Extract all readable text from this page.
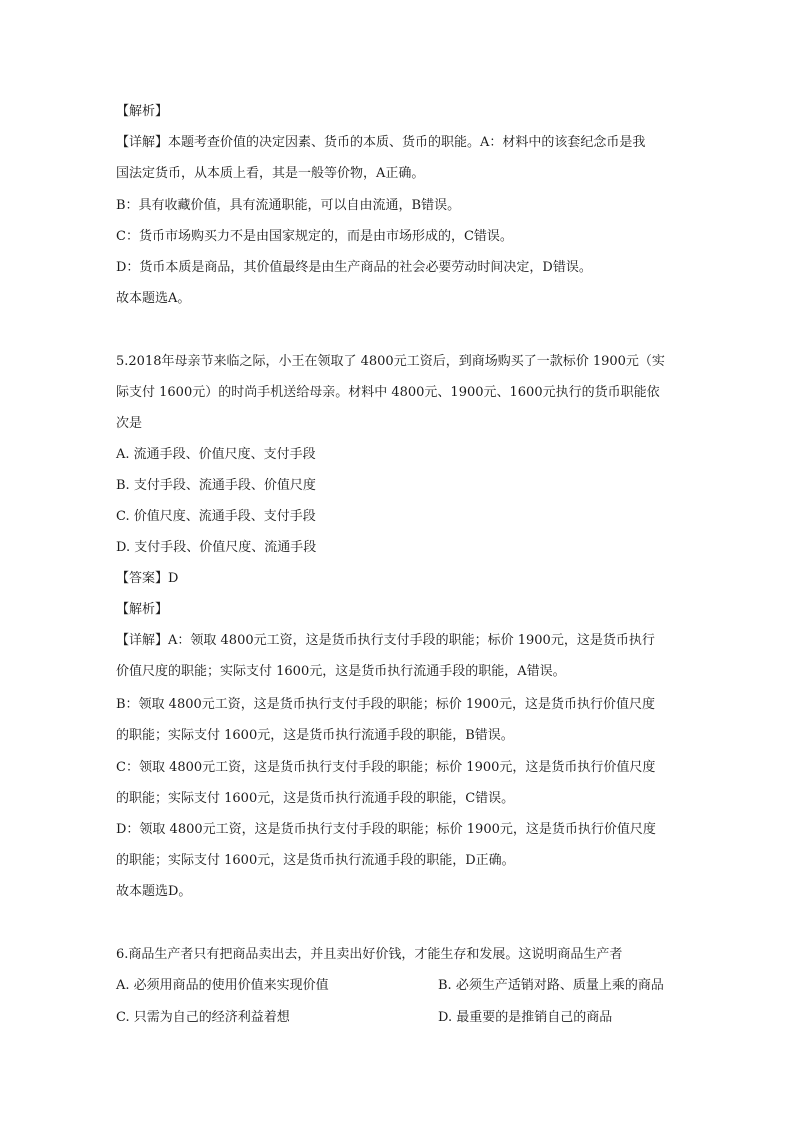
【解析】
【详解】本题考查价值的决定因素、货币的本质、货币的职能。A：材料中的该套纪念币是我
国法定货币，从本质上看，其是一般等价物，A正确。
B：具有收藏价值，具有流通职能，可以自由流通，B错误。
C：货币市场购买力不是由国家规定的，而是由市场形成的，C错误。
D：货币本质是商品，其价值最终是由生产商品的社会必要劳动时间决定，D错误。
故本题选A。
5.2018年母亲节来临之际，小王在领取了 4800元工资后，到商场购买了一款标价 1900元（实
际支付 1600元）的时尚手机送给母亲。材料中 4800元、1900元、1600元执行的货币职能依
次是
A. 流通手段、价值尺度、支付手段
B. 支付手段、流通手段、价值尺度
C. 价值尺度、流通手段、支付手段
D. 支付手段、价值尺度、流通手段
【答案】D
【解析】
【详解】A：领取 4800元工资，这是货币执行支付手段的职能；标价 1900元，这是货币执行
价值尺度的职能；实际支付 1600元，这是货币执行流通手段的职能，A错误。
B：领取 4800元工资，这是货币执行支付手段的职能；标价 1900元，这是货币执行价值尺度
的职能；实际支付 1600元，这是货币执行流通手段的职能，B错误。
C：领取 4800元工资，这是货币执行支付手段的职能；标价 1900元，这是货币执行价值尺度
的职能；实际支付 1600元，这是货币执行流通手段的职能，C错误。
D：领取 4800元工资，这是货币执行支付手段的职能；标价 1900元，这是货币执行价值尺度
的职能；实际支付 1600元，这是货币执行流通手段的职能，D正确。
故本题选D。
6.商品生产者只有把商品卖出去，并且卖出好价钱，才能生存和发展。这说明商品生产者
A. 必须用商品的使用价值来实现价值	B. 必须生产适销对路、质量上乘的商品
C. 只需为自己的经济利益着想	D. 最重要的是推销自己的商品
